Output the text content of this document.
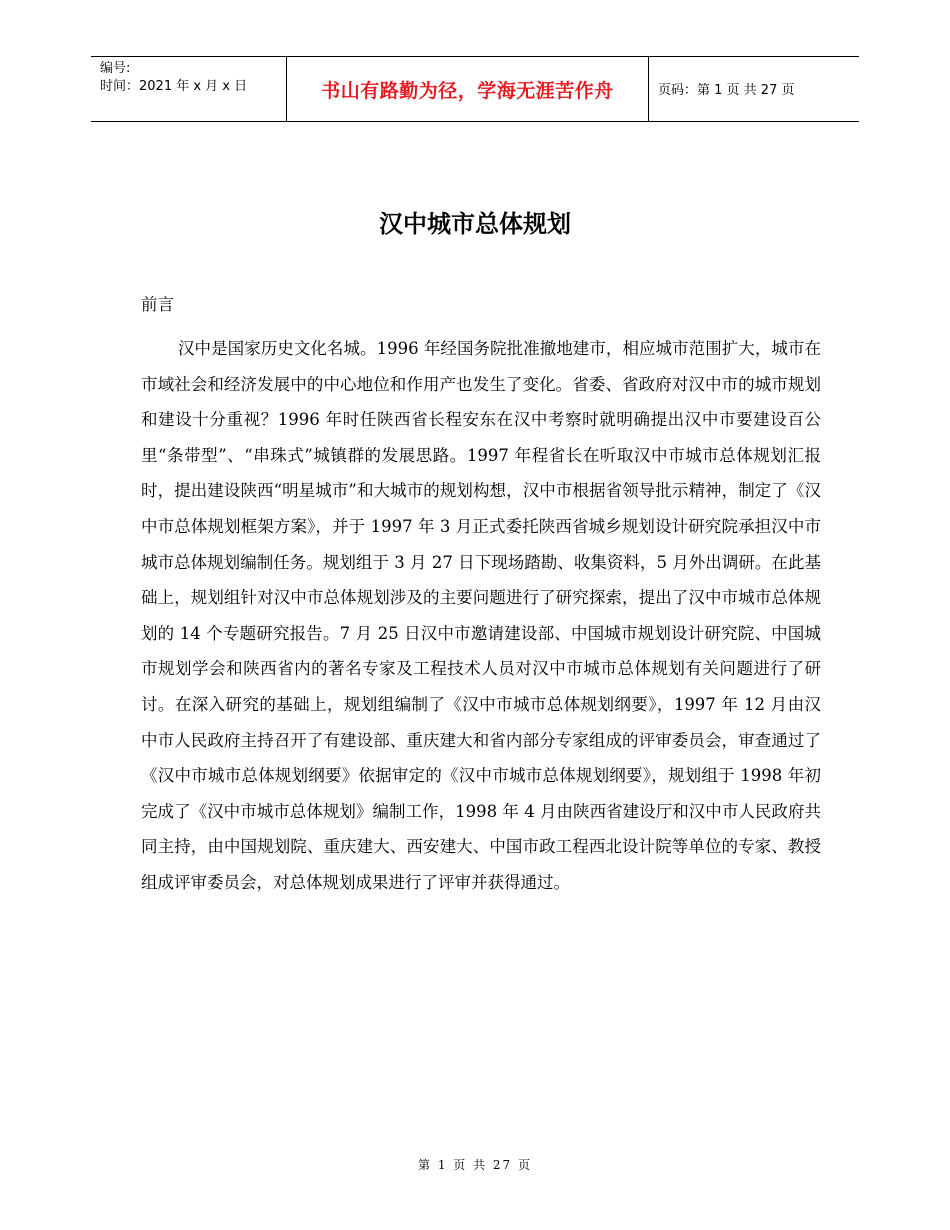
编号:
时间：2021 年 x 月 x 日	书山有路勤为径，学海无涯苦作舟	页码：第 1 页 共 27 页
汉中城市总体规划
前言

汉中是国家历史文化名城。1996 年经国务院批准撤地建市，相应城市范围扩大，城市在市域社会和经济发展中的中心地位和作用产也发生了变化。省委、省政府对汉中市的城市规划和建设十分重视？1996 年时任陕西省长程安东在汉中考察时就明确提出汉中市要建设百公里“条带型”、“串珠式”城镇群的发展思路。1997 年程省长在听取汉中市城市总体规划汇报时，提出建设陕西“明星城市”和大城市的规划构想，汉中市根据省领导批示精神，制定了《汉中市总体规划框架方案》，并于 1997 年 3 月正式委托陕西省城乡规划设计研究院承担汉中市城市总体规划编制任务。规划组于 3 月 27 日下现场踏勘、收集资料，5 月外出调研。在此基础上，规划组针对汉中市总体规划涉及的主要问题进行了研究探索，提出了汉中市城市总体规划的 14 个专题研究报告。7 月 25 日汉中市邀请建设部、中国城市规划设计研究院、中国城市规划学会和陕西省内的著名专家及工程技术人员对汉中市城市总体规划有关问题进行了研讨。在深入研究的基础上，规划组编制了《汉中市城市总体规划纲要》，1997 年 12 月由汉中市人民政府主持召开了有建设部、重庆建大和省内部分专家组成的评审委员会，审查通过了《汉中市城市总体规划纲要》依据审定的《汉中市城市总体规划纲要》，规划组于 1998 年初完成了《汉中市城市总体规划》编制工作，1998 年 4 月由陕西省建设厅和汉中市人民政府共同主持，由中国规划院、重庆建大、西安建大、中国市政工程西北设计院等单位的专家、教授组成评审委员会，对总体规划成果进行了评审并获得通过。

第 1 页 共 27 页
